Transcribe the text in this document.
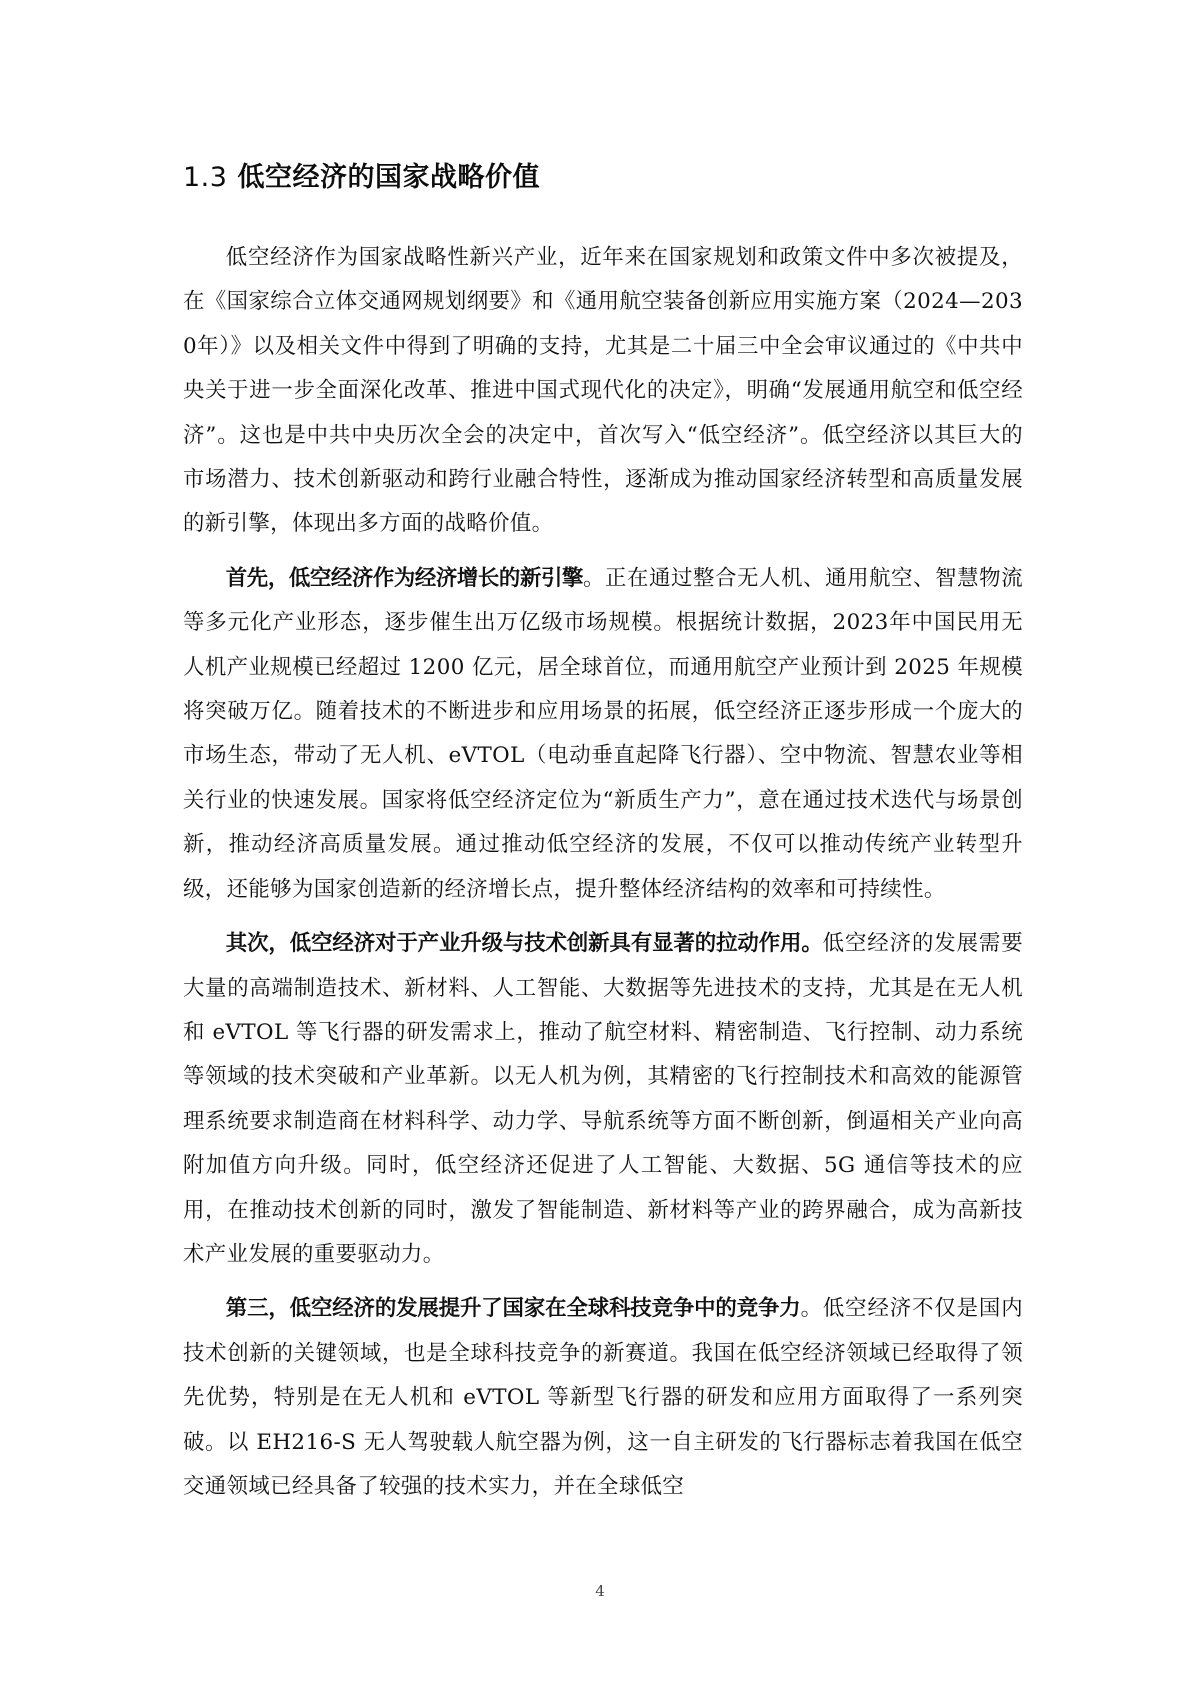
1.3 低空经济的国家战略价值

低空经济作为国家战略性新兴产业，近年来在国家规划和政策文件中多次被提及，在《国家综合立体交通网规划纲要》和《通用航空装备创新应用实施方案（2024—2030年）》以及相关文件中得到了明确的支持，尤其是二十届三中全会审议通过的《中共中央关于进一步全面深化改革、推进中国式现代化的决定》，明确“发展通用航空和低空经济”。这也是中共中央历次全会的决定中，首次写入“低空经济”。低空经济以其巨大的市场潜力、技术创新驱动和跨行业融合特性，逐渐成为推动国家经济转型和高质量发展的新引擎，体现出多方面的战略价值。

首先，低空经济作为经济增长的新引擎。正在通过整合无人机、通用航空、智慧物流等多元化产业形态，逐步催生出万亿级市场规模。根据统计数据，2023年中国民用无人机产业规模已经超过 1200 亿元，居全球首位，而通用航空产业预计到 2025 年规模将突破万亿。随着技术的不断进步和应用场景的拓展，低空经济正逐步形成一个庞大的市场生态，带动了无人机、eVTOL（电动垂直起降飞行器）、空中物流、智慧农业等相关行业的快速发展。国家将低空经济定位为“新质生产力”，意在通过技术迭代与场景创新，推动经济高质量发展。通过推动低空经济的发展，不仅可以推动传统产业转型升级，还能够为国家创造新的经济增长点，提升整体经济结构的效率和可持续性。

其次，低空经济对于产业升级与技术创新具有显著的拉动作用。低空经济的发展需要大量的高端制造技术、新材料、人工智能、大数据等先进技术的支持，尤其是在无人机和 eVTOL 等飞行器的研发需求上，推动了航空材料、精密制造、飞行控制、动力系统等领域的技术突破和产业革新。以无人机为例，其精密的飞行控制技术和高效的能源管理系统要求制造商在材料科学、动力学、导航系统等方面不断创新，倒逼相关产业向高附加值方向升级。同时，低空经济还促进了人工智能、大数据、5G 通信等技术的应用，在推动技术创新的同时，激发了智能制造、新材料等产业的跨界融合，成为高新技术产业发展的重要驱动力。

第三，低空经济的发展提升了国家在全球科技竞争中的竞争力。低空经济不仅是国内技术创新的关键领域，也是全球科技竞争的新赛道。我国在低空经济领域已经取得了领先优势，特别是在无人机和 eVTOL 等新型飞行器的研发和应用方面取得了一系列突破。以 EH216-S 无人驾驶载人航空器为例，这一自主研发的飞行器标志着我国在低空交通领域已经具备了较强的技术实力，并在全球低空

4
